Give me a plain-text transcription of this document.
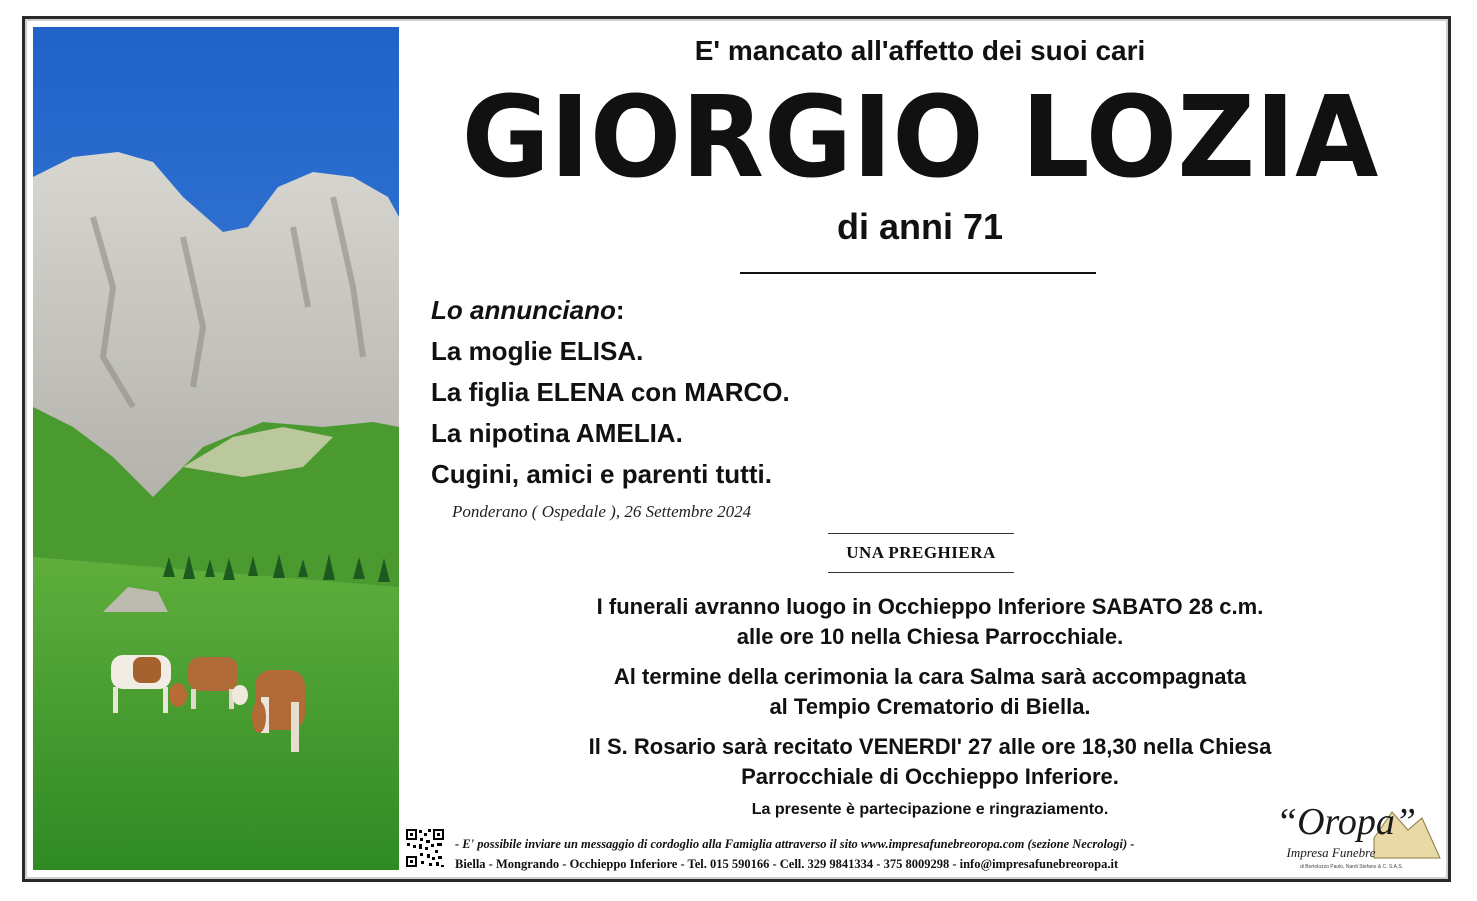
E' mancato all'affetto dei suoi cari
GIORGIO LOZIA
di anni 71
Lo annunciano:
La moglie ELISA.
La figlia ELENA con MARCO.
La nipotina AMELIA.
Cugini, amici e parenti tutti.
Ponderano ( Ospedale ), 26 Settembre 2024
UNA PREGHIERA

I funerali avranno luogo in Occhieppo Inferiore SABATO 28 c.m.
alle ore 10 nella Chiesa Parrocchiale.

Al termine della cerimonia la cara Salma sarà accompagnata
al Tempio Crematorio di Biella.

Il S. Rosario sarà recitato VENERDI' 27 alle ore 18,30 nella Chiesa
Parrocchiale di Occhieppo Inferiore.

La presente è partecipazione e ringraziamento.
- E' possibile inviare un messaggio di cordoglio alla Famiglia attraverso il sito www.impresafunebreoropa.com (sezione Necrologi) -
Biella - Mongrando - Occhieppo Inferiore - Tel. 015 590166 - Cell. 329 9841334 - 375 8009298 - info@impresafunebreoropa.it
“Oropa”
Impresa Funebre
di Bortolozzo Paolo, Nardi Stefano & C. S.A.S.
